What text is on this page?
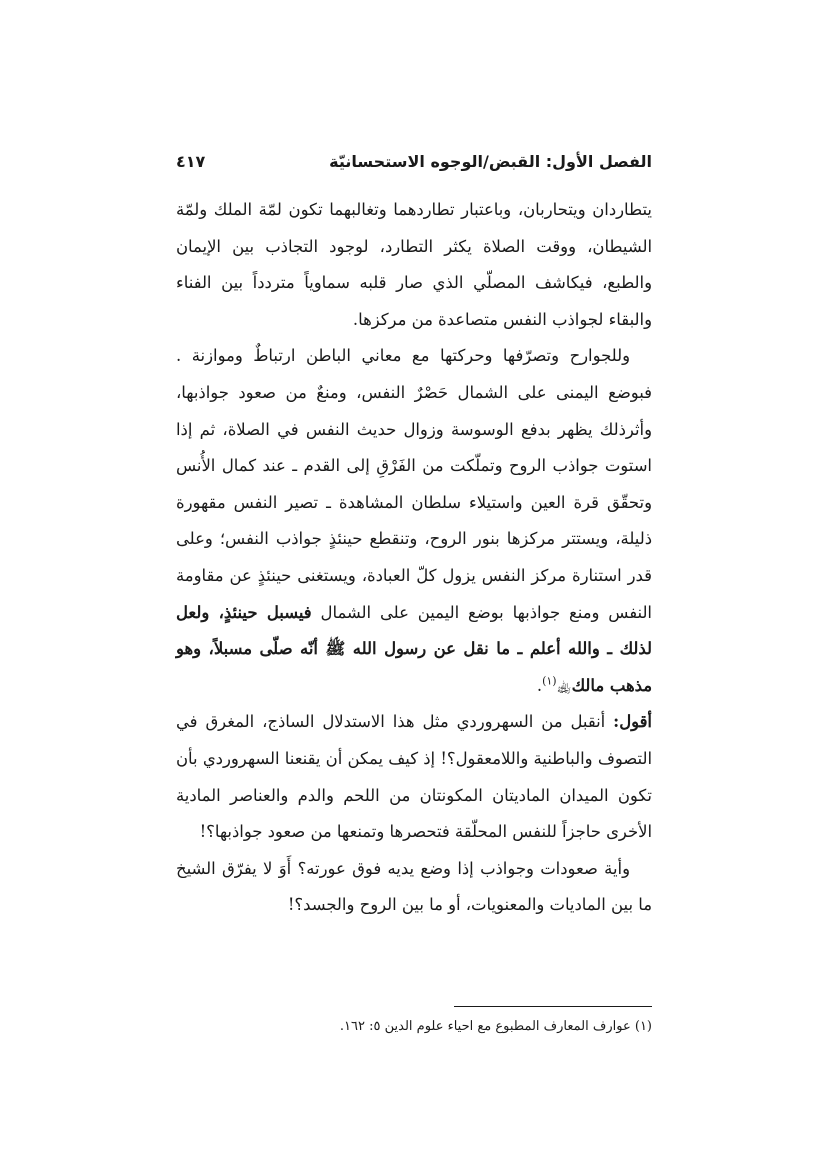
الفصل الأول: القبض/الوجوه الاستحسانيّة
٤١٧

يتطاردان ويتحاربان، وباعتبار تطاردهما وتغالبهما تكون لمّة الملك ولمّة الشيطان، ووقت الصلاة يكثر التطارد، لوجود التجاذب بين الإيمان والطبع، فيكاشف المصلّي الذي صار قلبه سماوياً متردداً بين الفناء والبقاء لجواذب النفس متصاعدة من مركزها.

وللجوارح وتصرّفها وحركتها مع معاني الباطن ارتباطٌ وموازنة . فبوضع اليمنى على الشمال حَصْرٌ النفس، ومنعٌ من صعود جواذبها، وأثرذلك يظهر بدفع الوسوسة وزوال حديث النفس في الصلاة، ثم إذا استوت جواذب الروح وتملّكت من الفَرْقِ إلى القدم ـ عند كمال الأُنس وتحقّق قرة العين واستيلاء سلطان المشاهدة ـ تصير النفس مقهورة ذليلة، ويستتر مركزها بنور الروح، وتنقطع حينئذٍ جواذب النفس؛ وعلى قدر استنارة مركز النفس يزول كلّ العبادة، ويستغنى حينئذٍ عن مقاومة النفس ومنع جواذبها بوضع اليمين على الشمال فيسبل حينئذٍ، ولعل لذلك ـ والله أعلم ـ ما نقل عن رسول الله ﷺ أنّه صلّى مسبلاً، وهو مذهب مالك﵀$^{(١)}$.

أقول: أنقبل من السهروردي مثل هذا الاستدلال الساذج، المغرق في التصوف والباطنية واللامعقول؟! إذ كيف يمكن أن يقنعنا السهروردي بأن تكون الميدان الماديتان المكونتان من اللحم والدم والعناصر المادية الأخرى حاجزاً للنفس المحلّقة فتحصرها وتمنعها من صعود جواذبها؟!

وأية صعودات وجواذب إذا وضع يديه فوق عورته؟ أَوَ لا يفرّق الشيخ ما بين الماديات والمعنويات، أو ما بين الروح والجسد؟!

(١) عوارف المعارف المطبوع مع احياء علوم الدين ٥: ١٦٢.
